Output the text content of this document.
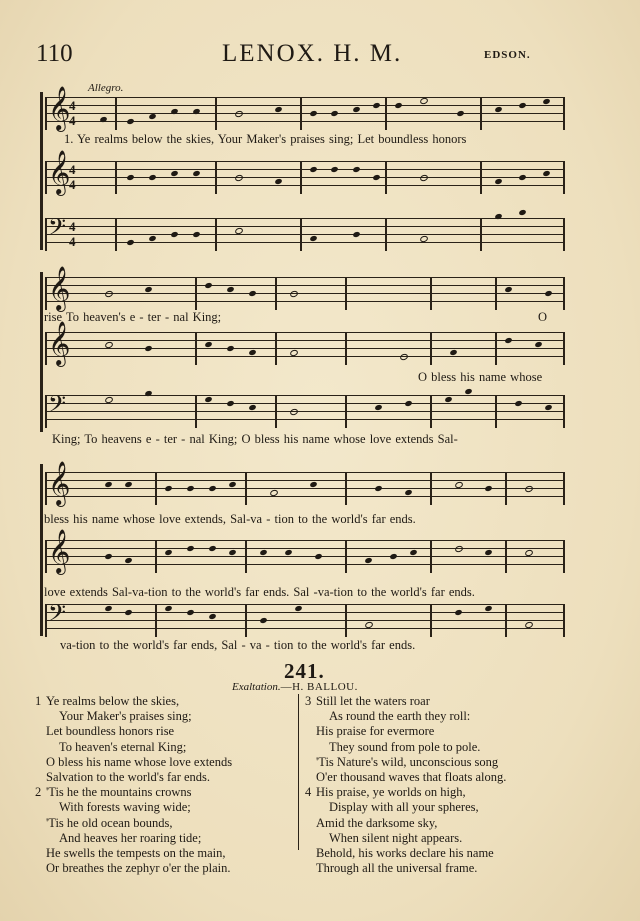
110	LENOX. H. M.	EDSON.
Allegro.
𝄞
4
4
1. Ye realms below the skies, Your Maker's praises sing; Let boundless honors
𝄞
4
4
𝄢 4
4
𝄞
rise To heaven's e - ter - nal King;	O
𝄞
O bless his name whose
𝄢
King; To heavens e - ter - nal King; O bless his name whose love extends Sal-
𝄞
bless his name whose love extends, Sal-va - tion to the world's far ends.
𝄞
love extends Sal-va-tion to the world's far ends. Sal -va-tion to the world's far ends.
𝄢
va-tion to the world's far ends, Sal - va - tion to the world's far ends.
241.
Exaltation.—H. BALLOU.
1 Ye realms below the skies,
Your Maker's praises sing;
Let boundless honors rise
To heaven's eternal King;
O bless his name whose love extends
Salvation to the world's far ends.
2 'Tis he the mountains crowns
With forests waving wide;
'Tis he old ocean bounds,
And heaves her roaring tide;
He swells the tempests on the main,
Or breathes the zephyr o'er the plain.
3 Still let the waters roar
As round the earth they roll:
His praise for evermore
They sound from pole to pole.
'Tis Nature's wild, unconscious song
O'er thousand waves that floats along.
4 His praise, ye worlds on high,
Display with all your spheres,
Amid the darksome sky,
When silent night appears.
Behold, his works declare his name
Through all the universal frame.
